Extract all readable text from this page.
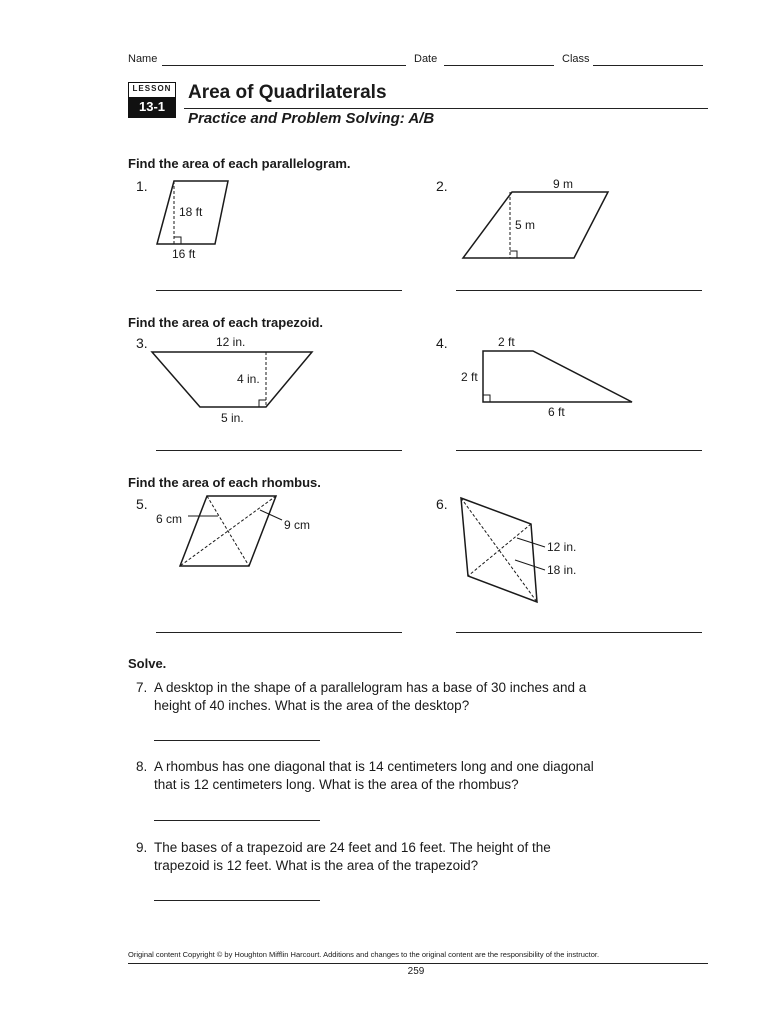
Name	Date	Class
LESSON
13-1
Area of Quadrilaterals
Practice and Problem Solving: A/B
Find the area of each parallelogram.
1.
18 ft
16 ft
2.	9 m
5 m
Find the area of each trapezoid.
3.	12 in.
4 in.
5 in.
4.	2 ft
2 ft
6 ft
Find the area of each rhombus.
5.
6 cm	9 cm
6.
12 in.
18 in.
Solve.
7. A desktop in the shape of a parallelogram has a base of 30 inches and a height of 40 inches. What is the area of the desktop?
8. A rhombus has one diagonal that is 14 centimeters long and one diagonal that is 12 centimeters long. What is the area of the rhombus?
9. The bases of a trapezoid are 24 feet and 16 feet. The height of the trapezoid is 12 feet. What is the area of the trapezoid?
Original content Copyright © by Houghton Mifflin Harcourt. Additions and changes to the original content are the responsibility of the instructor.
259
